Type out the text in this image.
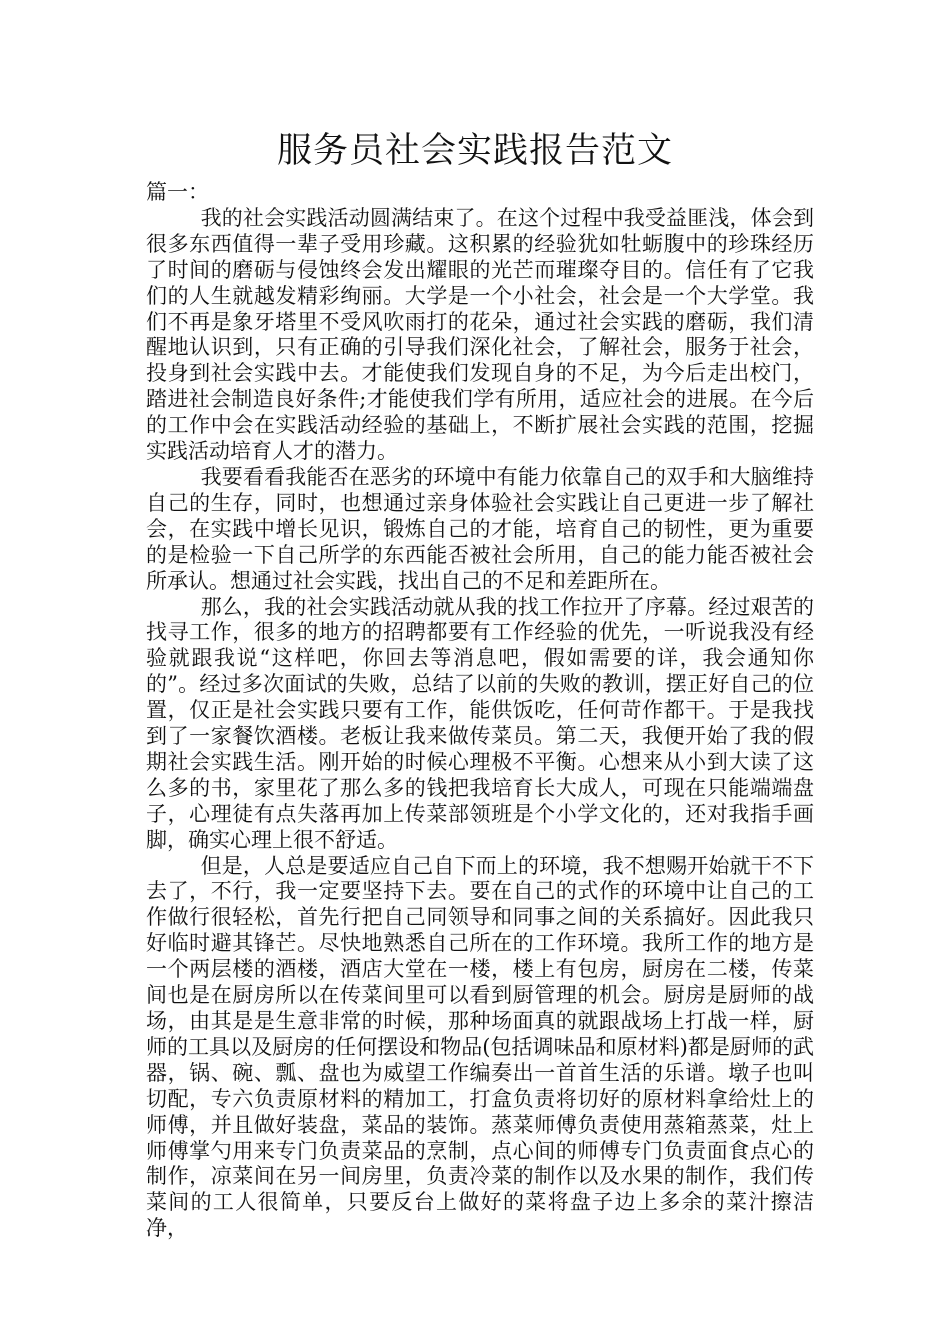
服务员社会实践报告范文

篇一：

我的社会实践活动圆满结束了。在这个过程中我受益匪浅，体会到很多东西值得一辈子受用珍藏。这积累的经验犹如牡蛎腹中的珍珠经历了时间的磨砺与侵蚀终会发出耀眼的光芒而璀璨夺目的。信任有了它我们的人生就越发精彩绚丽。大学是一个小社会，社会是一个大学堂。我们不再是象牙塔里不受风吹雨打的花朵，通过社会实践的磨砺，我们清醒地认识到，只有正确的引导我们深化社会，了解社会，服务于社会，投身到社会实践中去。才能使我们发现自身的不足，为今后走出校门，踏进社会制造良好条件;才能使我们学有所用，适应社会的进展。在今后的工作中会在实践活动经验的基础上，不断扩展社会实践的范围，挖掘实践活动培育人才的潜力。

我要看看我能否在恶劣的环境中有能力依靠自己的双手和大脑维持自己的生存，同时，也想通过亲身体验社会实践让自己更进一步了解社会，在实践中增长见识，锻炼自己的才能，培育自己的韧性，更为重要的是检验一下自己所学的东西能否被社会所用，自己的能力能否被社会所承认。想通过社会实践，找出自己的不足和差距所在。

那么，我的社会实践活动就从我的找工作拉开了序幕。经过艰苦的找寻工作，很多的地方的招聘都要有工作经验的优先，一听说我没有经验就跟我说“这样吧，你回去等消息吧，假如需要的详，我会通知你的”。经过多次面试的失败，总结了以前的失败的教训，摆正好自己的位置，仅正是社会实践只要有工作，能供饭吃，任何苛作都干。于是我找到了一家餐饮酒楼。老板让我来做传菜员。第二天，我便开始了我的假期社会实践生活。刚开始的时候心理极不平衡。心想来从小到大读了这么多的书，家里花了那么多的钱把我培育长大成人，可现在只能端端盘子，心理徒有点失落再加上传菜部领班是个小学文化的，还对我指手画脚，确实心理上很不舒适。

但是，人总是要适应自己自下而上的环境，我不想赐开始就干不下去了，不行，我一定要坚持下去。要在自己的式作的环境中让自己的工作做行很轻松，首先行把自己同领导和同事之间的关系搞好。因此我只好临时避其锋芒。尽快地熟悉自己所在的工作环境。我所工作的地方是一个两层楼的酒楼，酒店大堂在一楼，楼上有包房，厨房在二楼，传菜间也是在厨房所以在传菜间里可以看到厨管理的机会。厨房是厨师的战场，由其是是生意非常的时候，那种场面真的就跟战场上打战一样，厨师的工具以及厨房的任何摆设和物品(包括调味品和原材料)都是厨师的武器，锅、碗、瓢、盘也为威望工作编奏出一首首生活的乐谱。墩子也叫切配，专六负责原材料的精加工，打盒负责将切好的原材料拿给灶上的师傅，并且做好装盘，菜品的装饰。蒸菜师傅负责使用蒸箱蒸菜，灶上师傅掌勺用来专门负责菜品的烹制，点心间的师傅专门负责面食点心的制作，凉菜间在另一间房里，负责冷菜的制作以及水果的制作，我们传菜间的工人很简单，只要反台上做好的菜将盘子边上多余的菜汁擦洁净，
